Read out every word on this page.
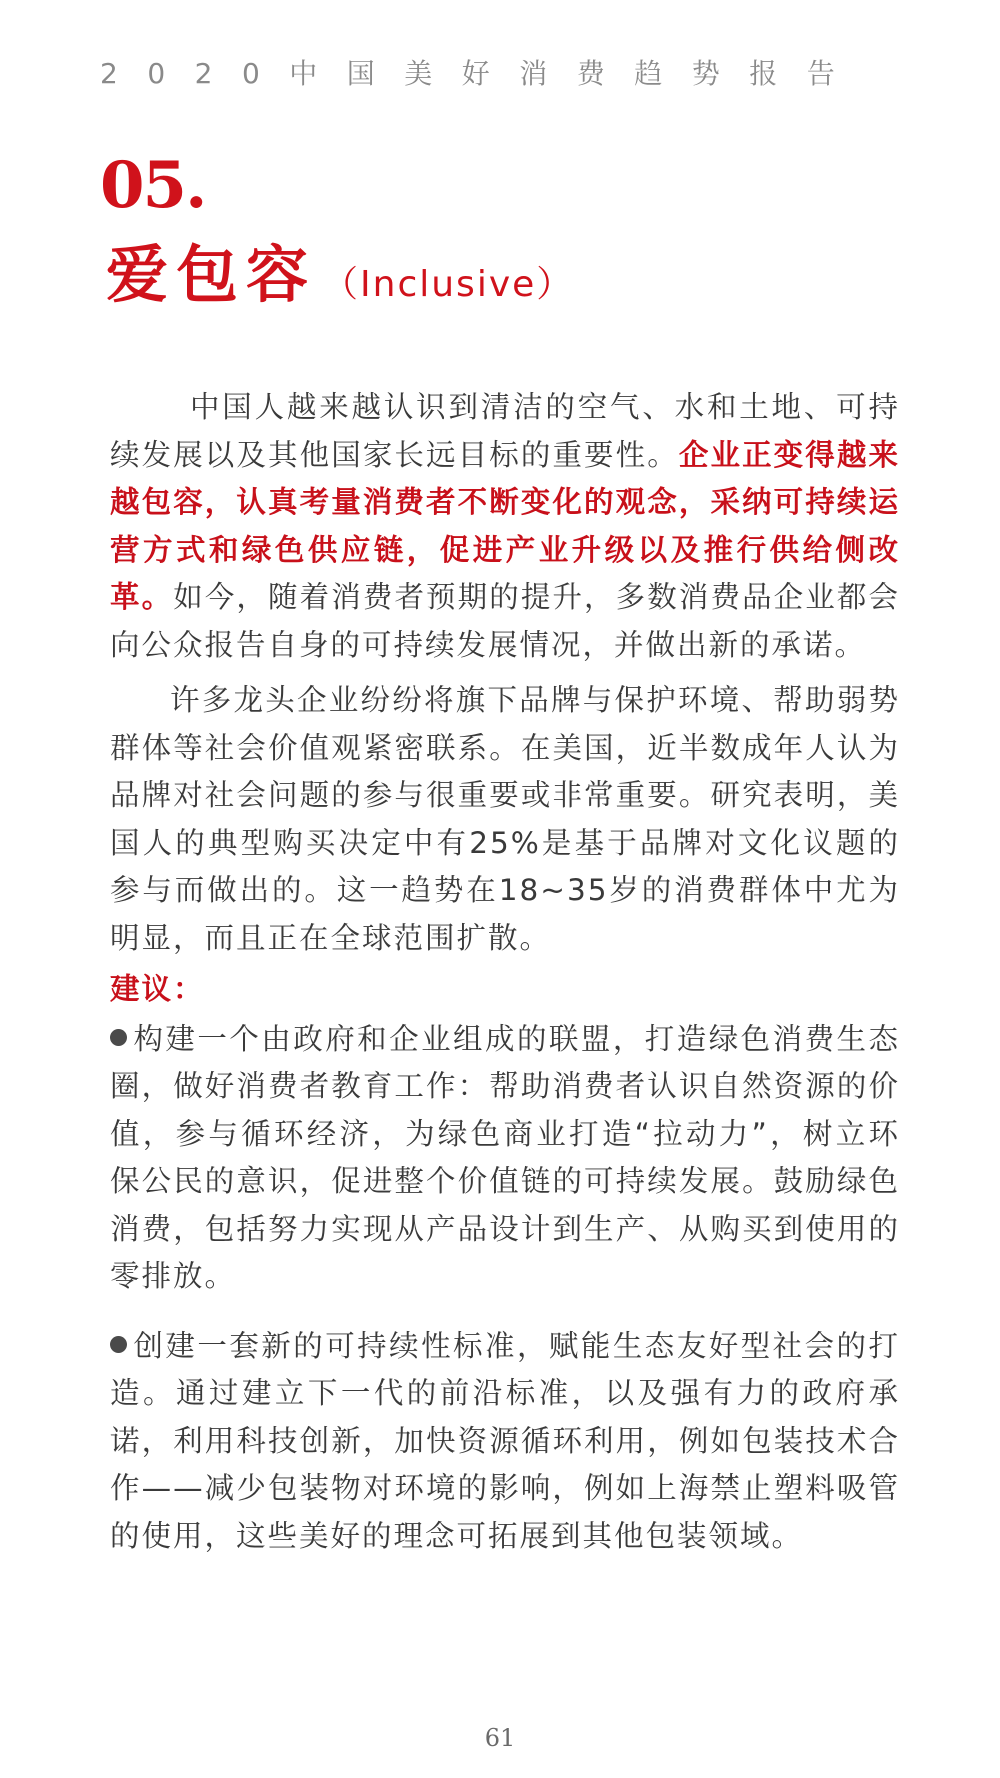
2020中国美好消费趋势报告
05.
爱包容 （Inclusive）

中国人越来越认识到清洁的空气、水和土地、可持续发展以及其他国家长远目标的重要性。企业正变得越来越包容，认真考量消费者不断变化的观念，采纳可持续运营方式和绿色供应链，促进产业升级以及推行供给侧改革。如今，随着消费者预期的提升，多数消费品企业都会向公众报告自身的可持续发展情况，并做出新的承诺。

许多龙头企业纷纷将旗下品牌与保护环境、帮助弱势群体等社会价值观紧密联系。在美国，近半数成年人认为品牌对社会问题的参与很重要或非常重要。研究表明，美国人的典型购买决定中有25%是基于品牌对文化议题的参与而做出的。这一趋势在18~35岁的消费群体中尤为明显，而且正在全球范围扩散。

建议：

构建一个由政府和企业组成的联盟，打造绿色消费生态圈，做好消费者教育工作：帮助消费者认识自然资源的价值，参与循环经济，为绿色商业打造“拉动力”，树立环保公民的意识，促进整个价值链的可持续发展。鼓励绿色消费，包括努力实现从产品设计到生产、从购买到使用的零排放。

创建一套新的可持续性标准，赋能生态友好型社会的打造。通过建立下一代的前沿标准，以及强有力的政府承诺，利用科技创新，加快资源循环利用，例如包装技术合作——减少包装物对环境的影响，例如上海禁止塑料吸管的使用，这些美好的理念可拓展到其他包装领域。

61
